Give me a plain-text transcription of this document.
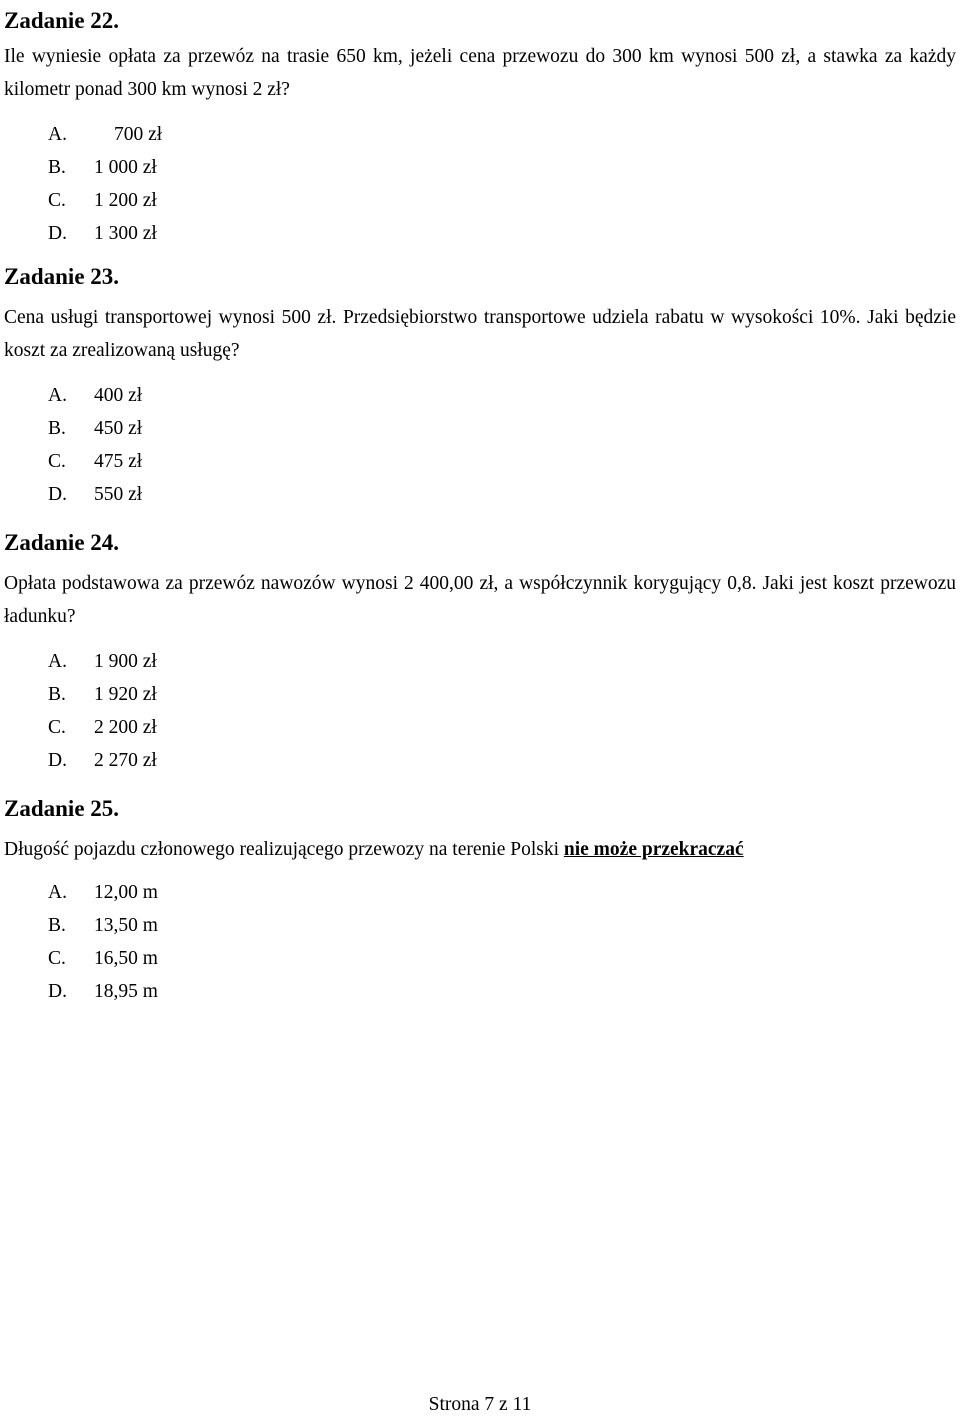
Zadanie 22.

Ile wyniesie opłata za przewóz na trasie 650 km, jeżeli cena przewozu do 300 km wynosi 500 zł, a stawka za każdy kilometr ponad 300 km wynosi 2 zł?

A.	700 zł
B.	1 000 zł
C.	1 200 zł
D.	1 300 zł
Zadanie 23.

Cena usługi transportowej wynosi 500 zł. Przedsiębiorstwo transportowe udziela rabatu w wysokości 10%. Jaki będzie koszt za zrealizowaną usługę?

A.	400 zł
B.	450 zł
C.	475 zł
D.	550 zł
Zadanie 24.

Opłata podstawowa za przewóz nawozów wynosi 2 400,00 zł, a współczynnik korygujący 0,8. Jaki jest koszt przewozu ładunku?

A.	1 900 zł
B.	1 920 zł
C.	2 200 zł
D.	2 270 zł
Zadanie 25.

Długość pojazdu członowego realizującego przewozy na terenie Polski nie może przekraczać

A.	12,00 m
B.	13,50 m
C.	16,50 m
D.	18,95 m
Strona 7 z 11
